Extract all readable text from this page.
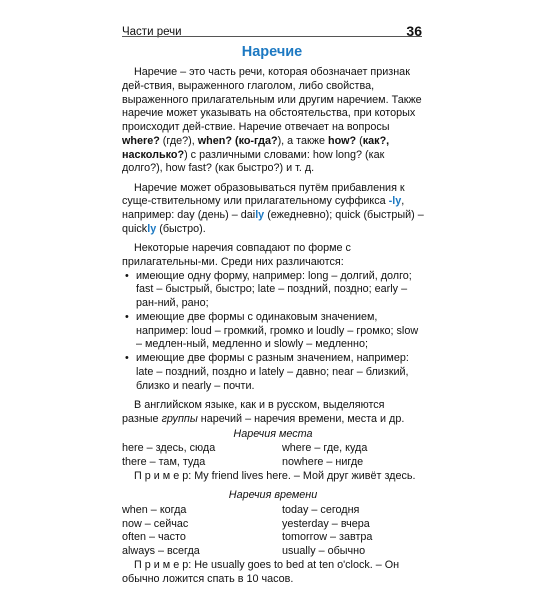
Части речи	36
Наречие

Наречие – это часть речи, которая обозначает признак дей-ствия, выраженного глаголом, либо свойства, выраженного прилагательным или другим наречием. Также наречие может указывать на обстоятельства, при которых происходит дей-ствие. Наречие отвечает на вопросы where? (где?), when? (ко-гда?), а также how? (как?, насколько?) с различными словами: how long? (как долго?), how fast? (как быстро?) и т. д.

Наречие может образовываться путём прибавления к суще-ствительному или прилагательному суффикса -ly, например: day (день) – daily (ежедневно); quick (быстрый) – quickly (быстро).

Некоторые наречия совпадают по форме с прилагательны-ми. Среди них различаются:

• имеющие одну форму, например: long – долгий, долго; fast – быстрый, быстро; late – поздний, поздно; early – ран-ний, рано;
• имеющие две формы с одинаковым значением, например: loud – громкий, громко и loudly – громко; slow – медлен-ный, медленно и slowly – медленно;
• имеющие две формы с разным значением, например: late – поздний, поздно и lately – давно; near – близкий, близко и nearly – почти.

В английском языке, как и в русском, выделяются разные группы наречий – наречия времени, места и др.

Наречия места
here – здесь, сюда	where – где, куда
there – там, туда	nowhere – нигде

П р и м е р: My friend lives here. – Мой друг живёт здесь.

Наречия времени
when – когда	today – сегодня
now – сейчас	yesterday – вчера
often – часто	tomorrow – завтра
always – всегда	usually – обычно

П р и м е р: He usually goes to bed at ten o'clock. – Он обычно ложится спать в 10 часов.
